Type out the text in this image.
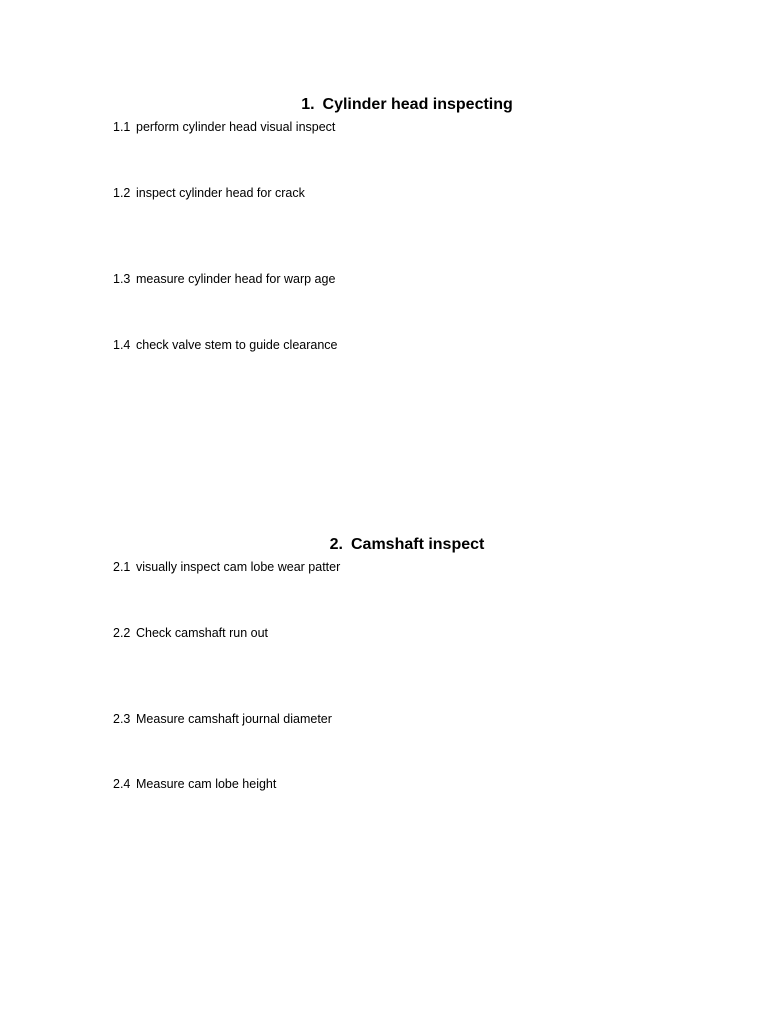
1. Cylinder head inspecting
1.1 perform cylinder head visual inspect
1.2 inspect cylinder head for crack
1.3 measure cylinder head for warp age
1.4 check valve stem to guide clearance
2. Camshaft inspect
2.1 visually inspect cam lobe wear patter
2.2 Check camshaft run out
2.3 Measure camshaft journal diameter
2.4 Measure cam lobe height
